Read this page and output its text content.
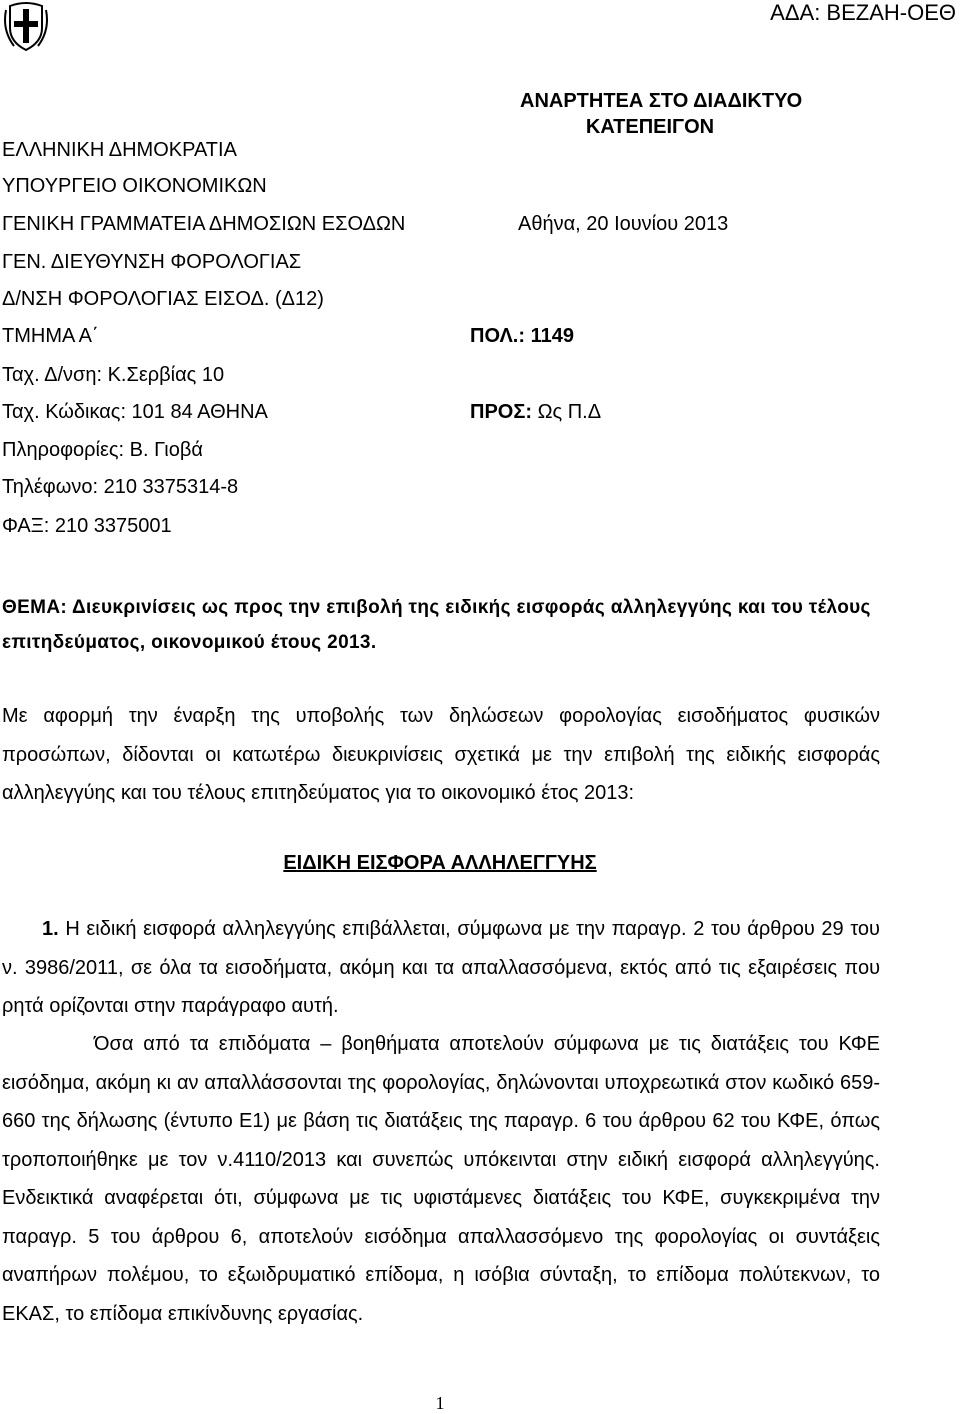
ΑΔΑ: ΒΕΖΑΗ-ΟΕΘ
ΑΝΑΡΤΗΤΕΑ ΣΤΟ ΔΙΑΔΙΚΤΥΟ
ΚΑΤΕΠΕΙΓΟΝ
ΕΛΛΗΝΙΚΗ ΔΗΜΟΚΡΑΤΙΑ
ΥΠΟΥΡΓΕΙΟ ΟΙΚΟΝΟΜΙΚΩΝ
ΓΕΝΙΚΗ ΓΡΑΜΜΑΤΕΙΑ ΔΗΜΟΣΙΩΝ ΕΣΟΔΩΝ
ΓΕΝ. ΔΙΕΥΘΥΝΣΗ ΦΟΡΟΛΟΓΙΑΣ
Δ/ΝΣΗ ΦΟΡΟΛΟΓΙΑΣ ΕΙΣΟΔ. (Δ12)
ΤΜΗΜΑ Α΄
Ταχ. Δ/νση: Κ.Σερβίας 10
Ταχ. Κώδικας: 101 84 ΑΘΗΝΑ
Πληροφορίες: Β. Γιοβά
Τηλέφωνο: 210 3375314-8
ΦΑΞ: 210 3375001
Αθήνα, 20 Ιουνίου 2013
ΠΟΛ.: 1149
ΠΡΟΣ: Ως Π.Δ
ΘΕΜΑ: Διευκρινίσεις ως προς την επιβολή της ειδικής εισφοράς αλληλεγγύης και του τέλους επιτηδεύματος, οικονομικού έτους 2013.
Με αφορμή την έναρξη της υποβολής των δηλώσεων φορολογίας εισοδήματος φυσικών προσώπων, δίδονται οι κατωτέρω διευκρινίσεις σχετικά με την επιβολή της ειδικής εισφοράς αλληλεγγύης και του τέλους επιτηδεύματος για το οικονομικό έτος 2013:
ΕΙΔΙΚΗ ΕΙΣΦΟΡΑ ΑΛΛΗΛΕΓΓΥΗΣ
1. Η ειδική εισφορά αλληλεγγύης επιβάλλεται, σύμφωνα με την παραγρ. 2 του άρθρου 29 του ν. 3986/2011, σε όλα τα εισοδήματα, ακόμη και τα απαλλασσόμενα, εκτός από τις εξαιρέσεις που ρητά ορίζονται στην παράγραφο αυτή.
Όσα από τα επιδόματα – βοηθήματα αποτελούν σύμφωνα με τις διατάξεις του ΚΦΕ εισόδημα, ακόμη κι αν απαλλάσσονται της φορολογίας, δηλώνονται υποχρεωτικά στον κωδικό 659-660 της δήλωσης (έντυπο Ε1) με βάση τις διατάξεις της παραγρ. 6 του άρθρου 62 του ΚΦΕ, όπως τροποποιήθηκε με τον ν.4110/2013 και συνεπώς υπόκεινται στην ειδική εισφορά αλληλεγγύης. Ενδεικτικά αναφέρεται ότι, σύμφωνα με τις υφιστάμενες διατάξεις του ΚΦΕ, συγκεκριμένα την παραγρ. 5 του άρθρου 6, αποτελούν εισόδημα απαλλασσόμενο της φορολογίας οι συντάξεις αναπήρων πολέμου, το εξωιδρυματικό επίδομα, η ισόβια σύνταξη, το επίδομα πολύτεκνων, το ΕΚΑΣ, το επίδομα επικίνδυνης εργασίας.
1
